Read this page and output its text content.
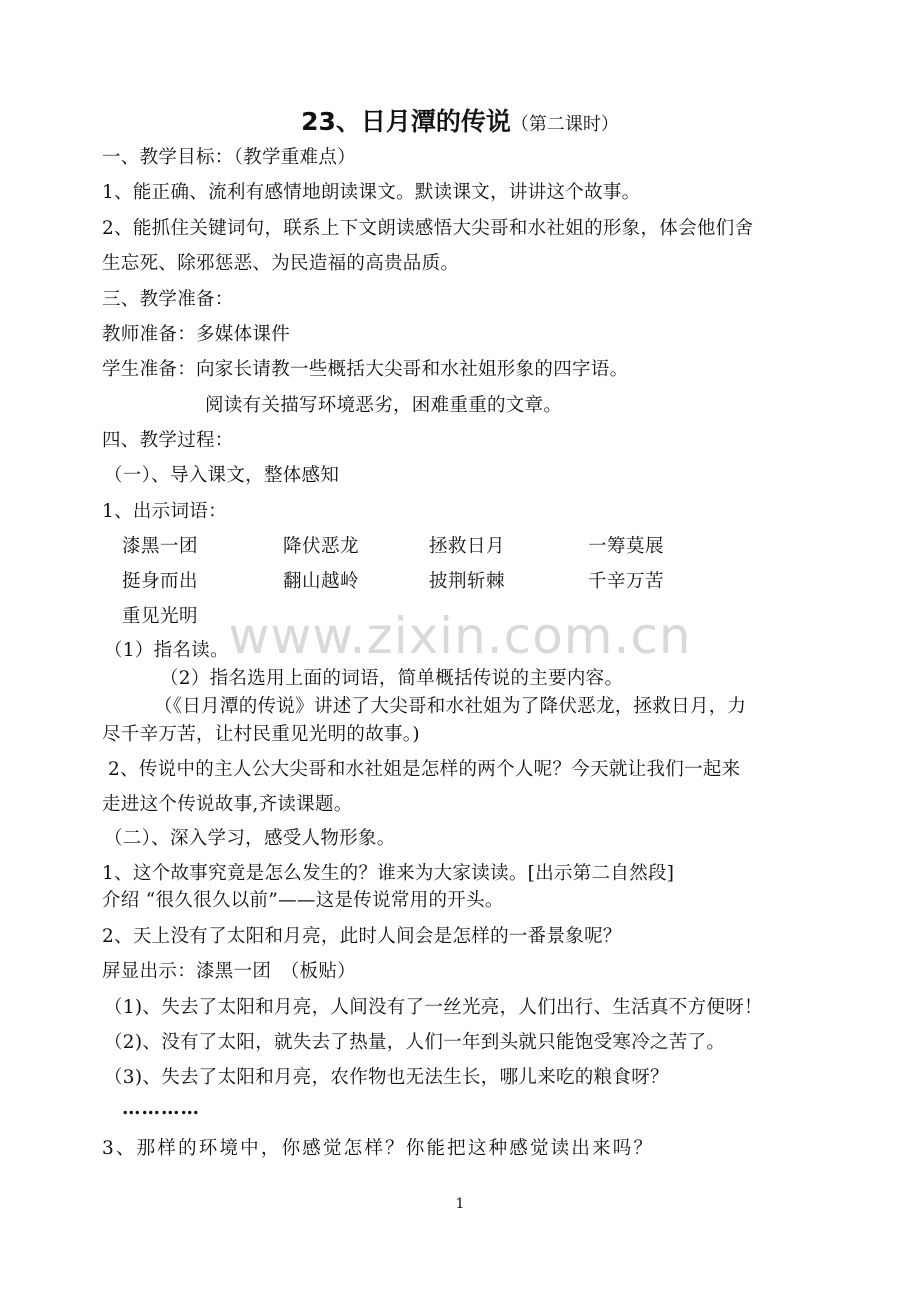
23、日月潭的传说（第二课时）
一、教学目标：（教学重难点）
1、能正确、流利有感情地朗读课文。默读课文，讲讲这个故事。
2、能抓住关键词句，联系上下文朗读感悟大尖哥和水社姐的形象，体会他们舍
生忘死、除邪惩恶、为民造福的高贵品质。
三、教学准备：
教师准备：多媒体课件
学生准备：向家长请教一些概括大尖哥和水社姐形象的四字语。
阅读有关描写环境恶劣，困难重重的文章。
四、教学过程：
（一）、导入课文，整体感知
1、出示词语：
漆黑一团	降伏恶龙	拯救日月	一筹莫展
挺身而出	翻山越岭	披荆斩棘	千辛万苦
重见光明 www.zixin.com.cn
（1）指名读。
（2）指名选用上面的词语，简单概括传说的主要内容。
（《日月潭的传说》讲述了大尖哥和水社姐为了降伏恶龙，拯救日月，力
尽千辛万苦，让村民重见光明的故事。)
2、传说中的主人公大尖哥和水社姐是怎样的两个人呢？今天就让我们一起来
走进这个传说故事,齐读课题。
（二）、深入学习，感受人物形象。
1、这个故事究竟是怎么发生的？谁来为大家读读。[出示第二自然段]
介绍 “很久很久以前”——这是传说常用的开头。
2、天上没有了太阳和月亮，此时人间会是怎样的一番景象呢？
屏显出示：漆黑一团　（板贴）
（1)、失去了太阳和月亮，人间没有了一丝光亮，人们出行、生活真不方便呀！
（2)、没有了太阳，就失去了热量，人们一年到头就只能饱受寒冷之苦了。
（3)、失去了太阳和月亮，农作物也无法生长，哪儿来吃的粮食呀？
…………
3、那样的环境中，你感觉怎样？你能把这种感觉读出来吗？
1
